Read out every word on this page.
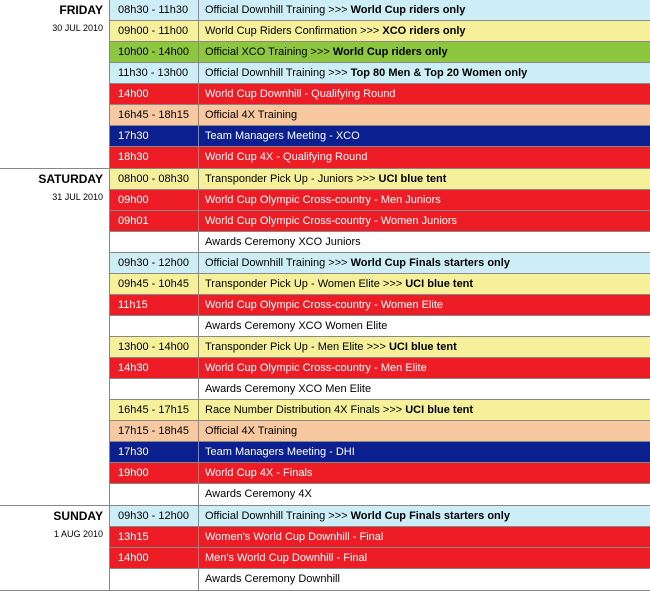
FRIDAY
30 JUL 2010
08h30 - 11h30	Official Downhill Training >>> World Cup riders only
09h00 - 11h00	World Cup Riders Confirmation >>> XCO riders only
10h00 - 14h00	Official XCO Training >>> World Cup riders only
11h30 - 13h00	Official Downhill Training >>> Top 80 Men & Top 20 Women only
14h00	World Cup Downhill - Qualifying Round
16h45 - 18h15	Official 4X Training
17h30	Team Managers Meeting - XCO
18h30	World Cup 4X - Qualifying Round
SATURDAY
31 JUL 2010
08h00 - 08h30	Transponder Pick Up - Juniors >>> UCI blue tent
09h00	World Cup Olympic Cross-country - Men Juniors
09h01	World Cup Olympic Cross-country - Women Juniors
Awards Ceremony XCO Juniors
09h30 - 12h00	Official Downhill Training >>> World Cup Finals starters only
09h45 - 10h45	Transponder Pick Up - Women Elite >>> UCI blue tent
11h15	World Cup Olympic Cross-country - Women Elite
Awards Ceremony XCO Women Elite
13h00 - 14h00	Transponder Pick Up - Men Elite >>> UCI blue tent
14h30	World Cup Olympic Cross-country - Men Elite
Awards Ceremony XCO Men Elite
16h45 - 17h15	Race Number Distribution 4X Finals >>> UCI blue tent
17h15 - 18h45	Official 4X Training
17h30	Team Managers Meeting - DHI
19h00	World Cup 4X - Finals
Awards Ceremony 4X
SUNDAY
1 AUG 2010
09h30 - 12h00	Official Downhill Training >>> World Cup Finals starters only
13h15	Women's World Cup Downhill - Final
14h00	Men's World Cup Downhill - Final
Awards Ceremony Downhill
